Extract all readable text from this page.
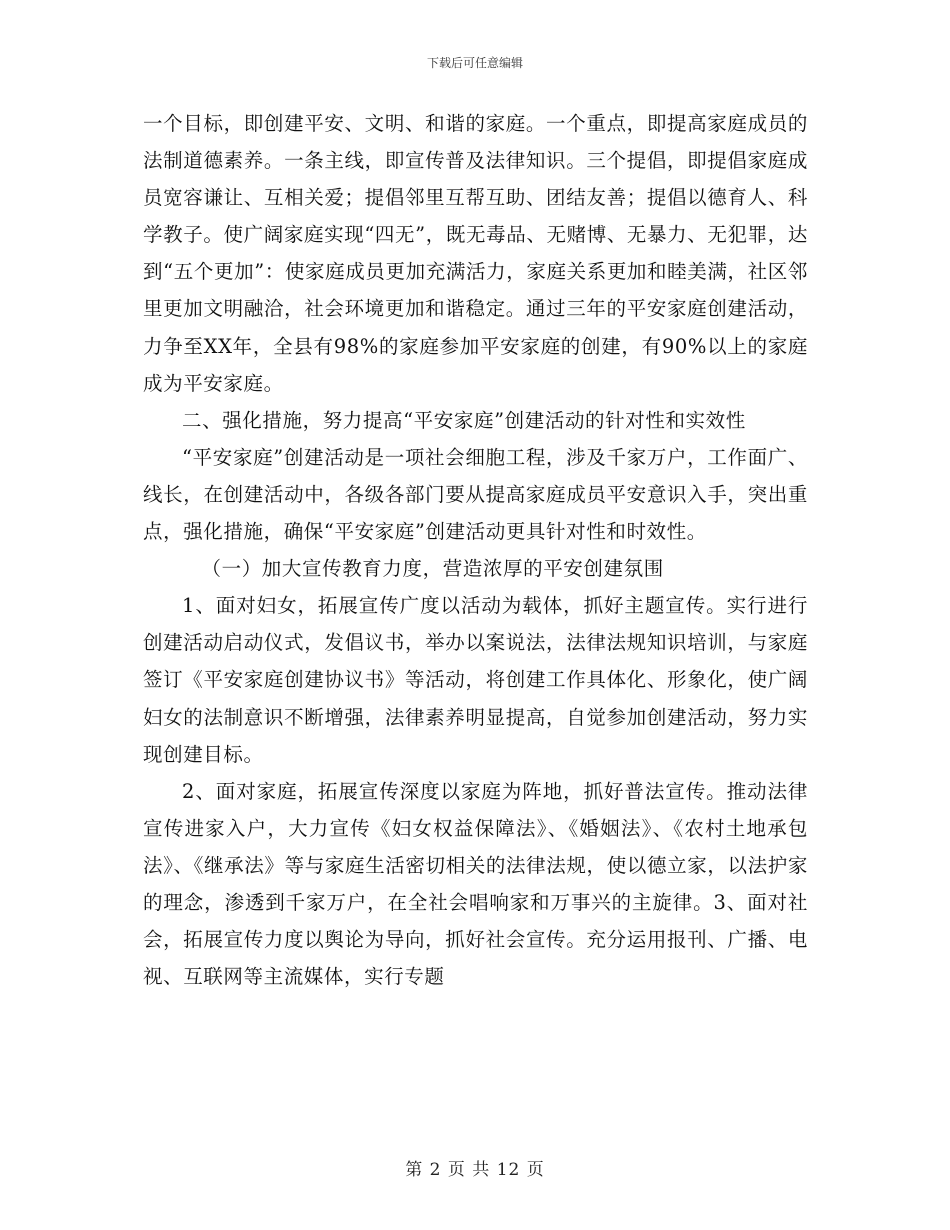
下载后可任意编辑

一个目标，即创建平安、文明、和谐的家庭。一个重点，即提高家庭成员的法制道德素养。一条主线，即宣传普及法律知识。三个提倡，即提倡家庭成员宽容谦让、互相关爱；提倡邻里互帮互助、团结友善；提倡以德育人、科学教子。使广阔家庭实现“四无”，既无毒品、无赌博、无暴力、无犯罪，达到“五个更加”：使家庭成员更加充满活力，家庭关系更加和睦美满，社区邻里更加文明融洽，社会环境更加和谐稳定。通过三年的平安家庭创建活动，力争至XX年，全县有98%的家庭参加平安家庭的创建，有90%以上的家庭成为平安家庭。

二、强化措施，努力提高“平安家庭”创建活动的针对性和实效性

“平安家庭”创建活动是一项社会细胞工程，涉及千家万户，工作面广、线长，在创建活动中，各级各部门要从提高家庭成员平安意识入手，突出重点，强化措施，确保“平安家庭”创建活动更具针对性和时效性。

（一）加大宣传教育力度，营造浓厚的平安创建氛围

1、面对妇女，拓展宣传广度以活动为载体，抓好主题宣传。实行进行创建活动启动仪式，发倡议书，举办以案说法，法律法规知识培训，与家庭签订《平安家庭创建协议书》等活动，将创建工作具体化、形象化，使广阔妇女的法制意识不断增强，法律素养明显提高，自觉参加创建活动，努力实现创建目标。

2、面对家庭，拓展宣传深度以家庭为阵地，抓好普法宣传。推动法律宣传进家入户，大力宣传《妇女权益保障法》、《婚姻法》、《农村土地承包法》、《继承法》等与家庭生活密切相关的法律法规，使以德立家，以法护家的理念，渗透到千家万户，在全社会唱响家和万事兴的主旋律。3、面对社会，拓展宣传力度以舆论为导向，抓好社会宣传。充分运用报刊、广播、电视、互联网等主流媒体，实行专题

第 2 页 共 12 页
